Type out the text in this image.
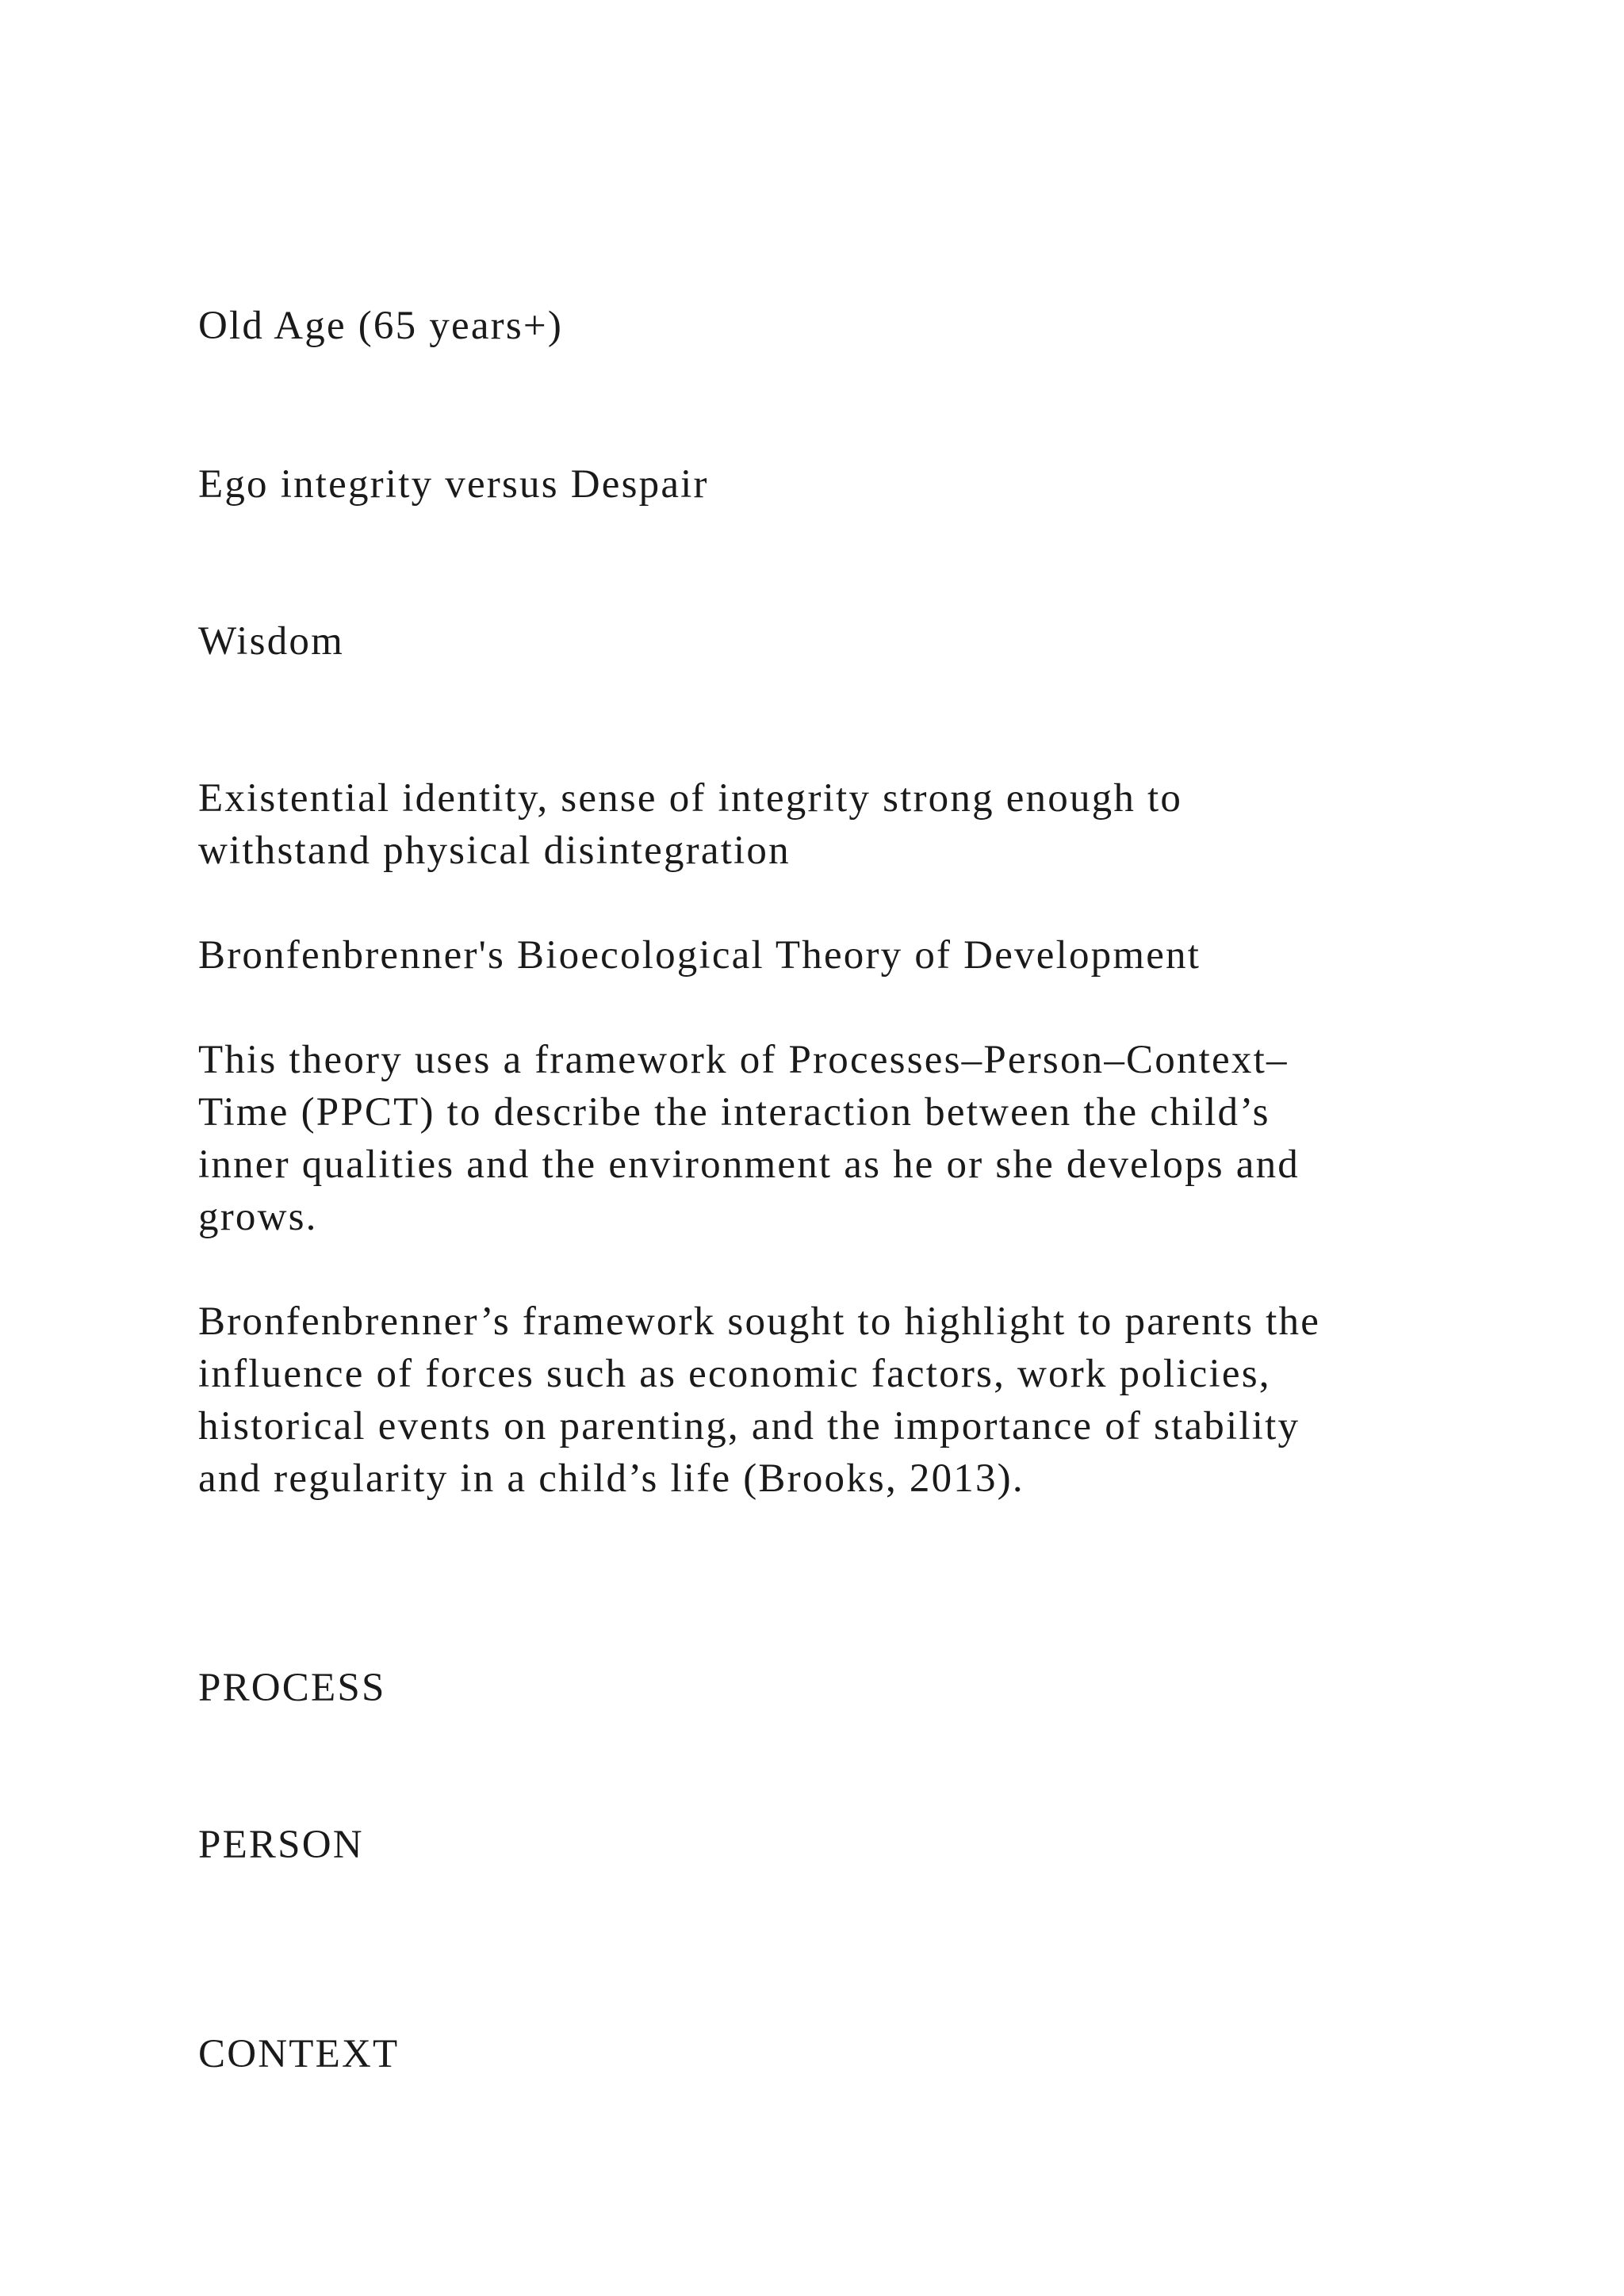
Old Age (65 years+)

Ego integrity versus Despair

Wisdom

Existential identity, sense of integrity strong enough to
withstand physical disintegration

Bronfenbrenner's Bioecological Theory of Development

This theory uses a framework of Processes–Person–Context–
Time (PPCT) to describe the interaction between the child’s
inner qualities and the environment as he or she develops and
grows.
Bronfenbrenner’s framework sought to highlight to parents the
influence of forces such as economic factors, work policies,
historical events on parenting, and the importance of stability
and regularity in a child’s life (Brooks, 2013).

PROCESS

PERSON

CONTEXT
